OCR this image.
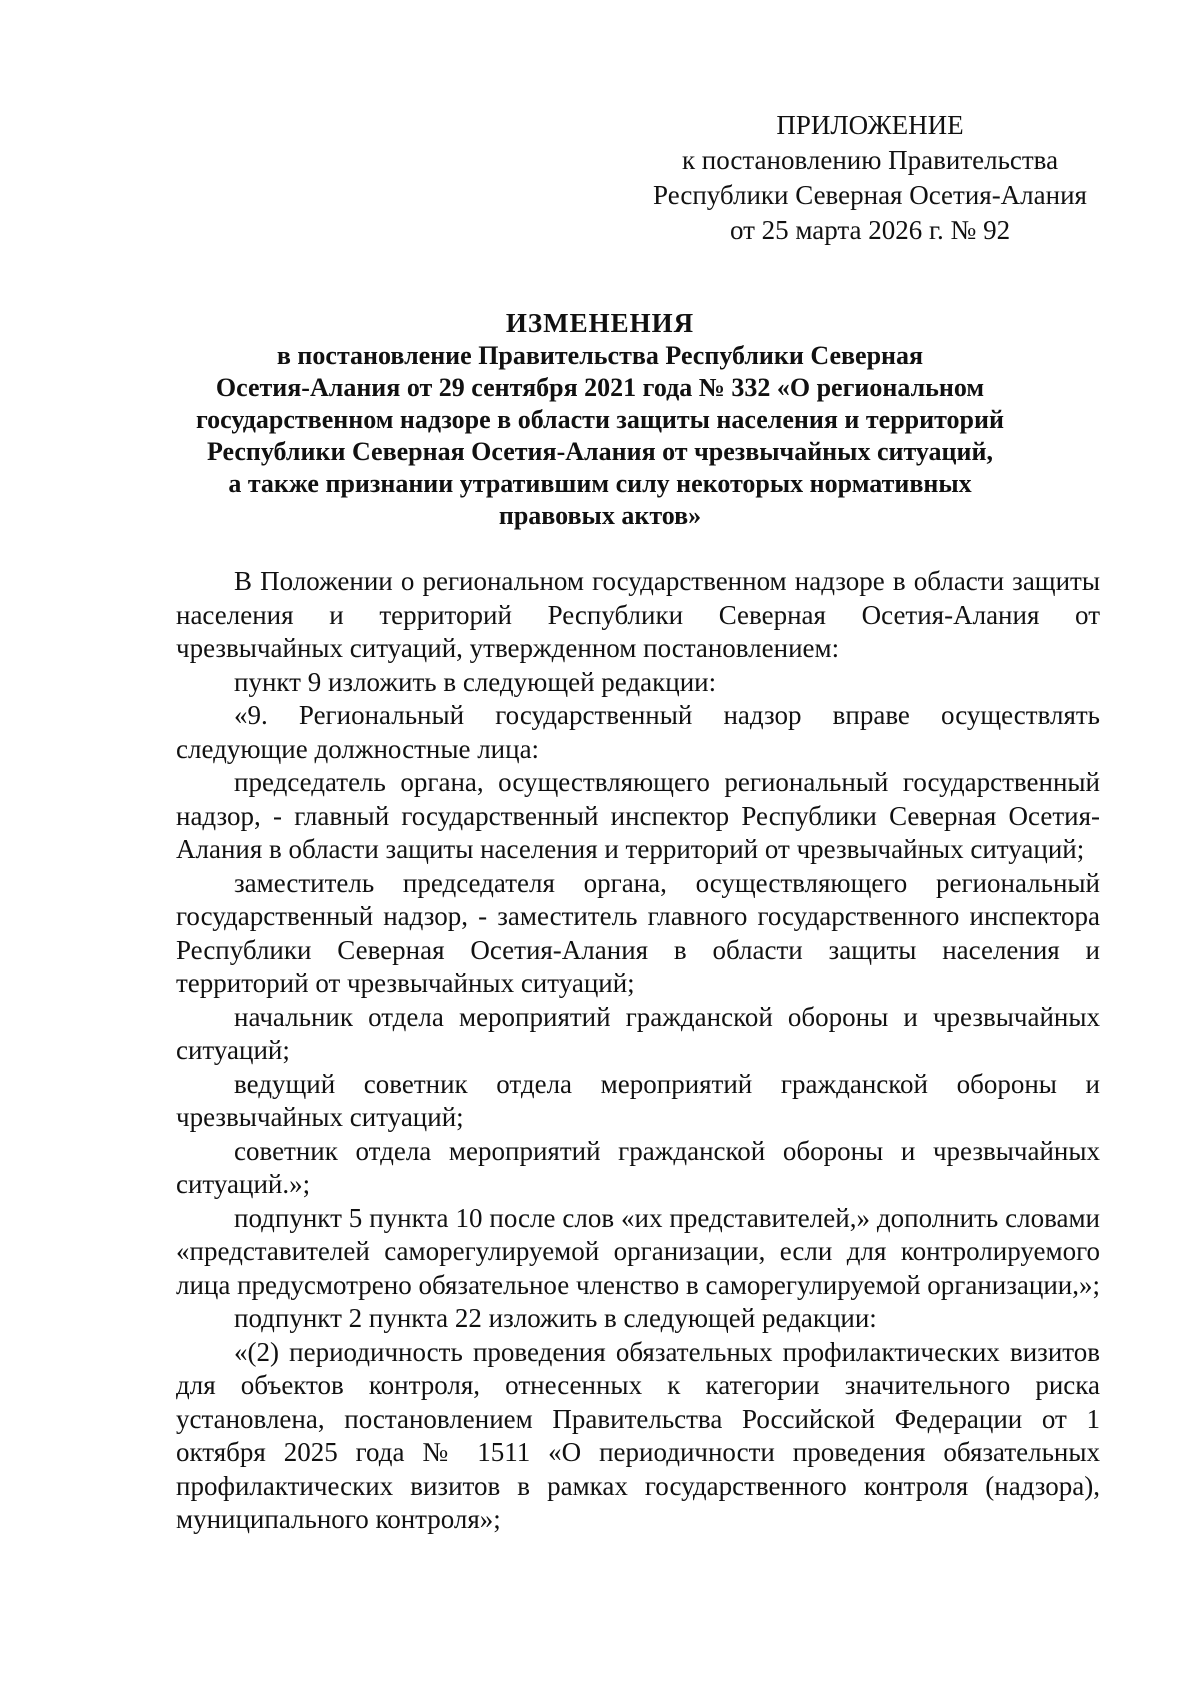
ПРИЛОЖЕНИЕ
к постановлению Правительства
Республики Северная Осетия-Алания
от 25 марта 2026 г. № 92
ИЗМЕНЕНИЯ
в постановление Правительства Республики Северная
Осетия-Алания от 29 сентября 2021 года № 332 «О региональном
государственном надзоре в области защиты населения и территорий
Республики Северная Осетия-Алания от чрезвычайных ситуаций,
а также признании утратившим силу некоторых нормативных
правовых актов»

В Положении о региональном государственном надзоре в области защиты населения и территорий Республики Северная Осетия-Алания от чрезвычайных ситуаций, утвержденном постановлением:

пункт 9 изложить в следующей редакции:

«9. Региональный государственный надзор вправе осуществлять следующие должностные лица:

председатель органа, осуществляющего региональный государственный надзор, - главный государственный инспектор Республики Северная Осетия-Алания в области защиты населения и территорий от чрезвычайных ситуаций;

заместитель председателя органа, осуществляющего региональный государственный надзор, - заместитель главного государственного инспектора Республики Северная Осетия-Алания в области защиты населения и территорий от чрезвычайных ситуаций;

начальник отдела мероприятий гражданской обороны и чрезвычайных ситуаций;

ведущий советник отдела мероприятий гражданской обороны и чрезвычайных ситуаций;

советник отдела мероприятий гражданской обороны и чрезвычайных ситуаций.»;

подпункт 5 пункта 10 после слов «их представителей,» дополнить словами «представителей саморегулируемой организации, если для контролируемого лица предусмотрено обязательное членство в саморегулируемой организации,»;

подпункт 2 пункта 22 изложить в следующей редакции:

«(2) периодичность проведения обязательных профилактических визитов для объектов контроля, отнесенных к категории значительного риска установлена, постановлением Правительства Российской Федерации от 1 октября 2025 года № 1511 «О периодичности проведения обязательных профилактических визитов в рамках государственного контроля (надзора), муниципального контроля»;
